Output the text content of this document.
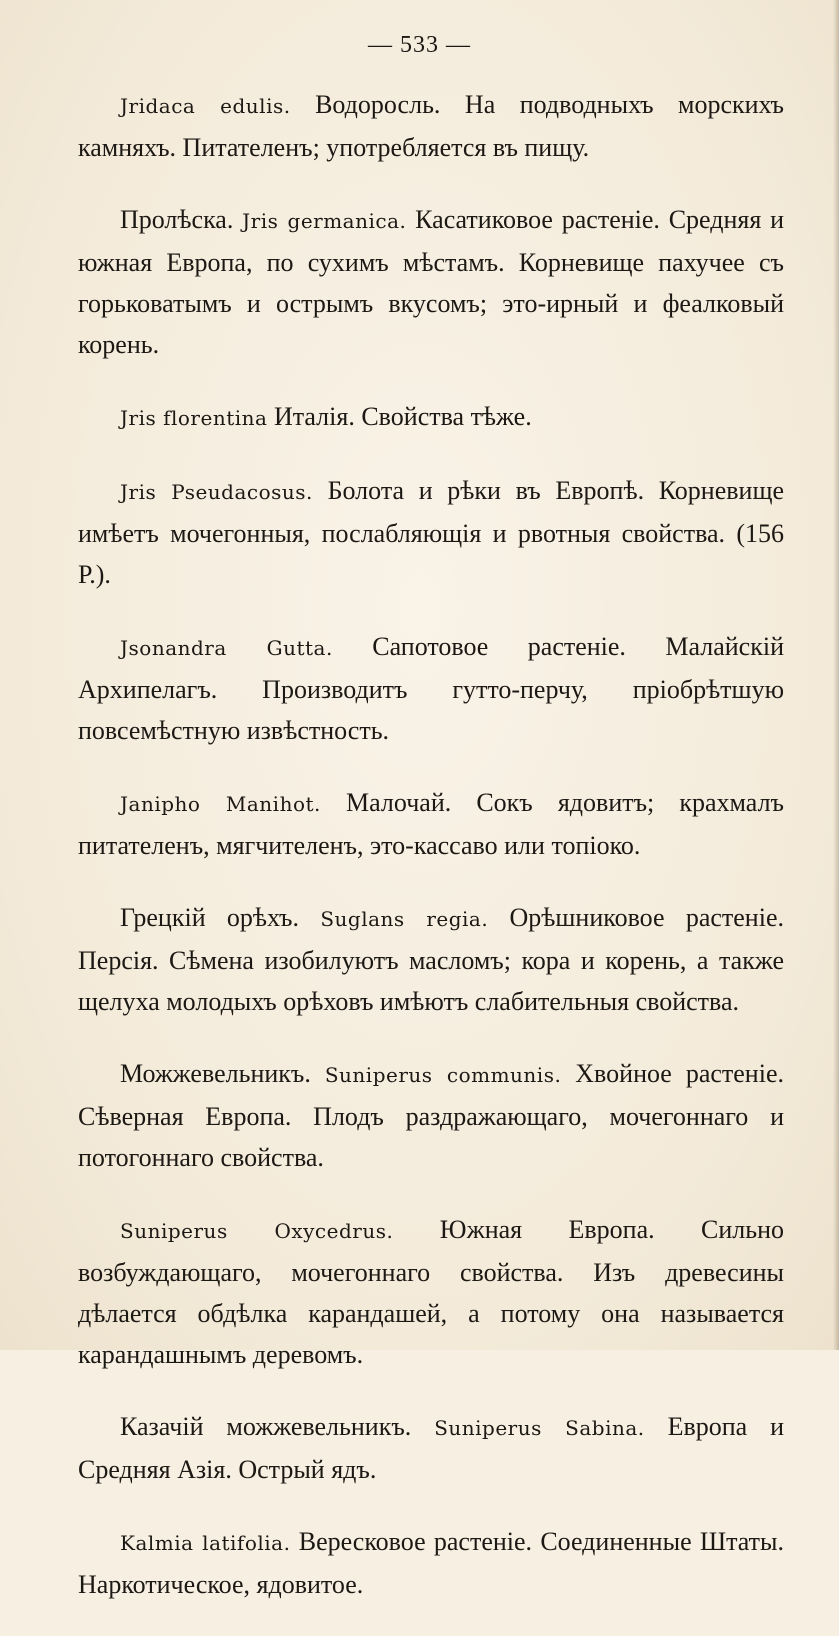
— 533 —

Jridaca edulis. Водоросль. На подводныхъ морскихъ камняхъ. Питателенъ; употребляется въ пищу.

Пролѣска. Jris germanica. Касатиковое растеніе. Средняя и южная Европа, по сухимъ мѣстамъ. Корневище пахучее съ горьковатымъ и острымъ вкусомъ; это-ирный и феалковый корень.

Jris florentina Италія. Свойства тѣже.

Jris Pseudacosus. Болота и рѣки въ Европѣ. Корневище имѣетъ мочегонныя, послабляющія и рвотныя свойства. (156 Р.).

Jsonandra Gutta. Сапотовое растеніе. Малайскій Архипелагъ. Производитъ гутто-перчу, пріобрѣтшую повсемѣстную извѣстность.

Janipho Manihot. Малочай. Сокъ ядовитъ; крахмалъ питателенъ, мягчителенъ, это-кассаво или топіоко.

Грецкій орѣхъ. Suglans regia. Орѣшниковое растеніе. Персія. Сѣмена изобилуютъ масломъ; кора и корень, а также щелуха молодыхъ орѣховъ имѣютъ слабительныя свойства.

Можжевельникъ. Suniperus communis. Хвойное растеніе. Сѣверная Европа. Плодъ раздражающаго, мочегоннаго и потогоннаго свойства.

Suniperus Oxycedrus. Южная Европа. Сильно возбуждающаго, мочегоннаго свойства. Изъ древесины дѣлается обдѣлка карандашей, а потому она называется карандашнымъ деревомъ.

Казачій можжевельникъ. Suniperus Sabina. Европа и Средняя Азія. Острый ядъ.

Kalmia latifolia. Вересковое растеніе. Соединенные Штаты. Наркотическое, ядовитое.
